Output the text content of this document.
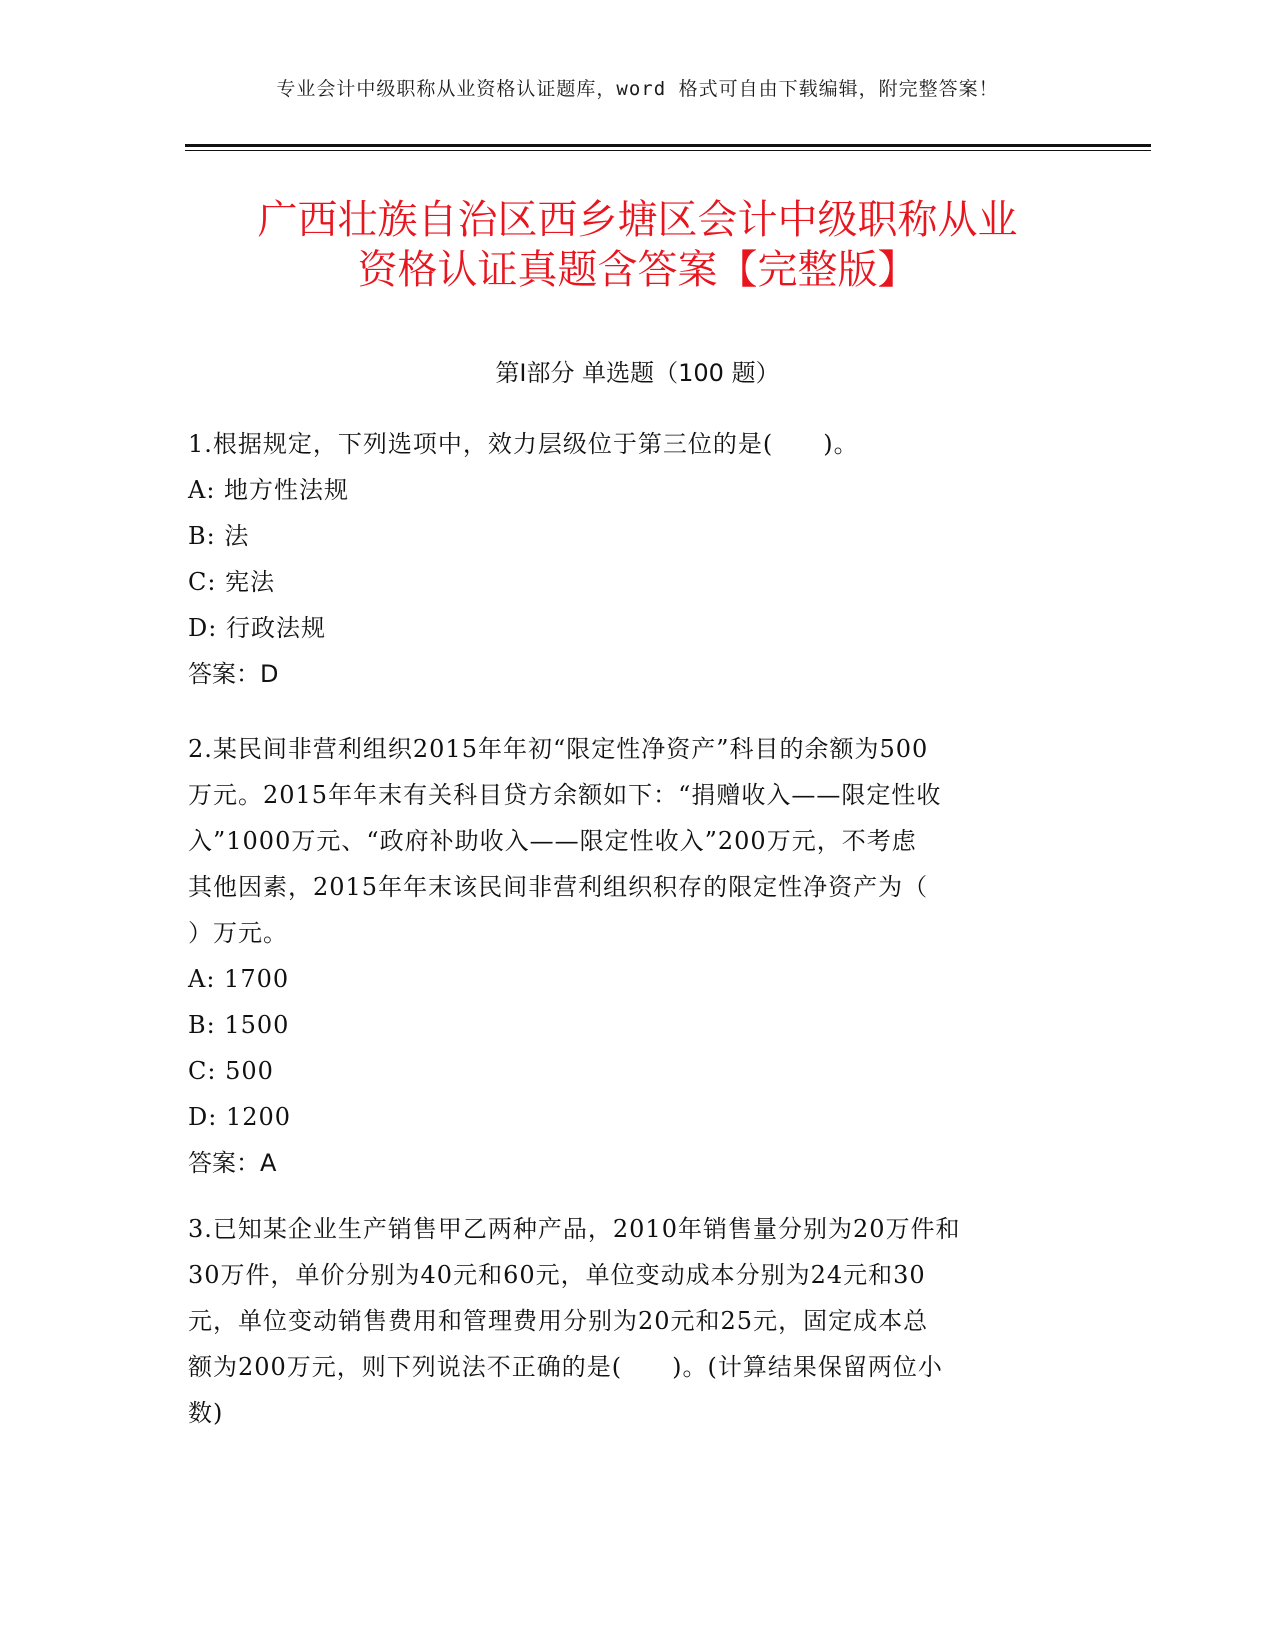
专业会计中级职称从业资格认证题库，word 格式可自由下载编辑，附完整答案！
广西壮族自治区西乡塘区会计中级职称从业
资格认证真题含答案【完整版】
第Ⅰ部分 单选题（100 题）
1.根据规定，下列选项中，效力层级位于第三位的是(　　)。
A: 地方性法规
B: 法
C: 宪法
D: 行政法规
答案：D
2.某民间非营利组织2015年年初“限定性净资产”科目的余额为500
万元。2015年年末有关科目贷方余额如下：“捐赠收入——限定性收
入”1000万元、“政府补助收入——限定性收入”200万元，不考虑
其他因素，2015年年末该民间非营利组织积存的限定性净资产为（
）万元。
A: 1700
B: 1500
C: 500
D: 1200
答案：A
3.已知某企业生产销售甲乙两种产品，2010年销售量分别为20万件和
30万件，单价分别为40元和60元，单位变动成本分别为24元和30
元，单位变动销售费用和管理费用分别为20元和25元，固定成本总
额为200万元，则下列说法不正确的是(　　)。(计算结果保留两位小
数)
